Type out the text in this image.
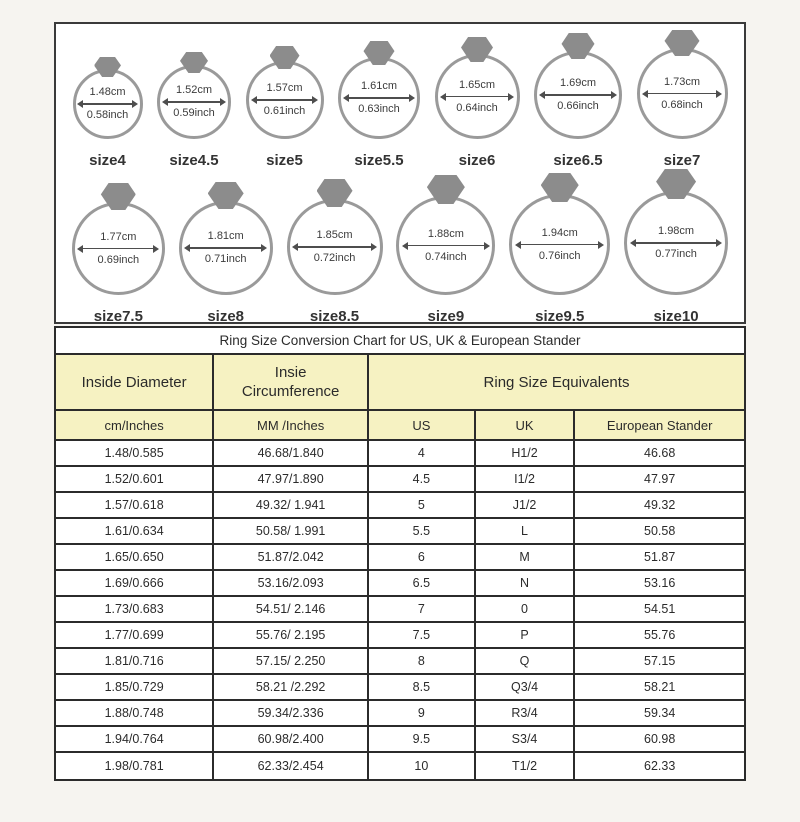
1.48cm
0.58inch
size4
1.52cm
0.59inch
size4.5
1.57cm
0.61inch
size5
1.61cm
0.63inch
size5.5
1.65cm
0.64inch
size6
1.69cm
0.66inch
size6.5
1.73cm
0.68inch
size7
1.77cm
0.69inch
size7.5
1.81cm
0.71inch
size8
1.85cm
0.72inch
size8.5
1.88cm
0.74inch
size9
1.94cm
0.76inch
size9.5
1.98cm
0.77inch
size10
Ring Size Conversion Chart for US, UK & European Stander
Inside Diameter
Insie Circumference
Ring Size Equivalents
cm/Inches	MM /Inches	US	UK	European Stander
1.48/0.585	46.68/1.840	4	H1/2	46.68
1.52/0.601	47.97/1.890	4.5	I1/2	47.97
1.57/0.618	49.32/ 1.941	5	J1/2	49.32
1.61/0.634	50.58/ 1.991	5.5	L	50.58
1.65/0.650	51.87/2.042	6	M	51.87
1.69/0.666	53.16/2.093	6.5	N	53.16
1.73/0.683	54.51/ 2.146	7	0	54.51
1.77/0.699	55.76/ 2.195	7.5	P	55.76
1.81/0.716	57.15/ 2.250	8	Q	57.15
1.85/0.729	58.21 /2.292	8.5	Q3/4	58.21
1.88/0.748	59.34/2.336	9	R3/4	59.34
1.94/0.764	60.98/2.400	9.5	S3/4	60.98
1.98/0.781	62.33/2.454	10	T1/2	62.33
